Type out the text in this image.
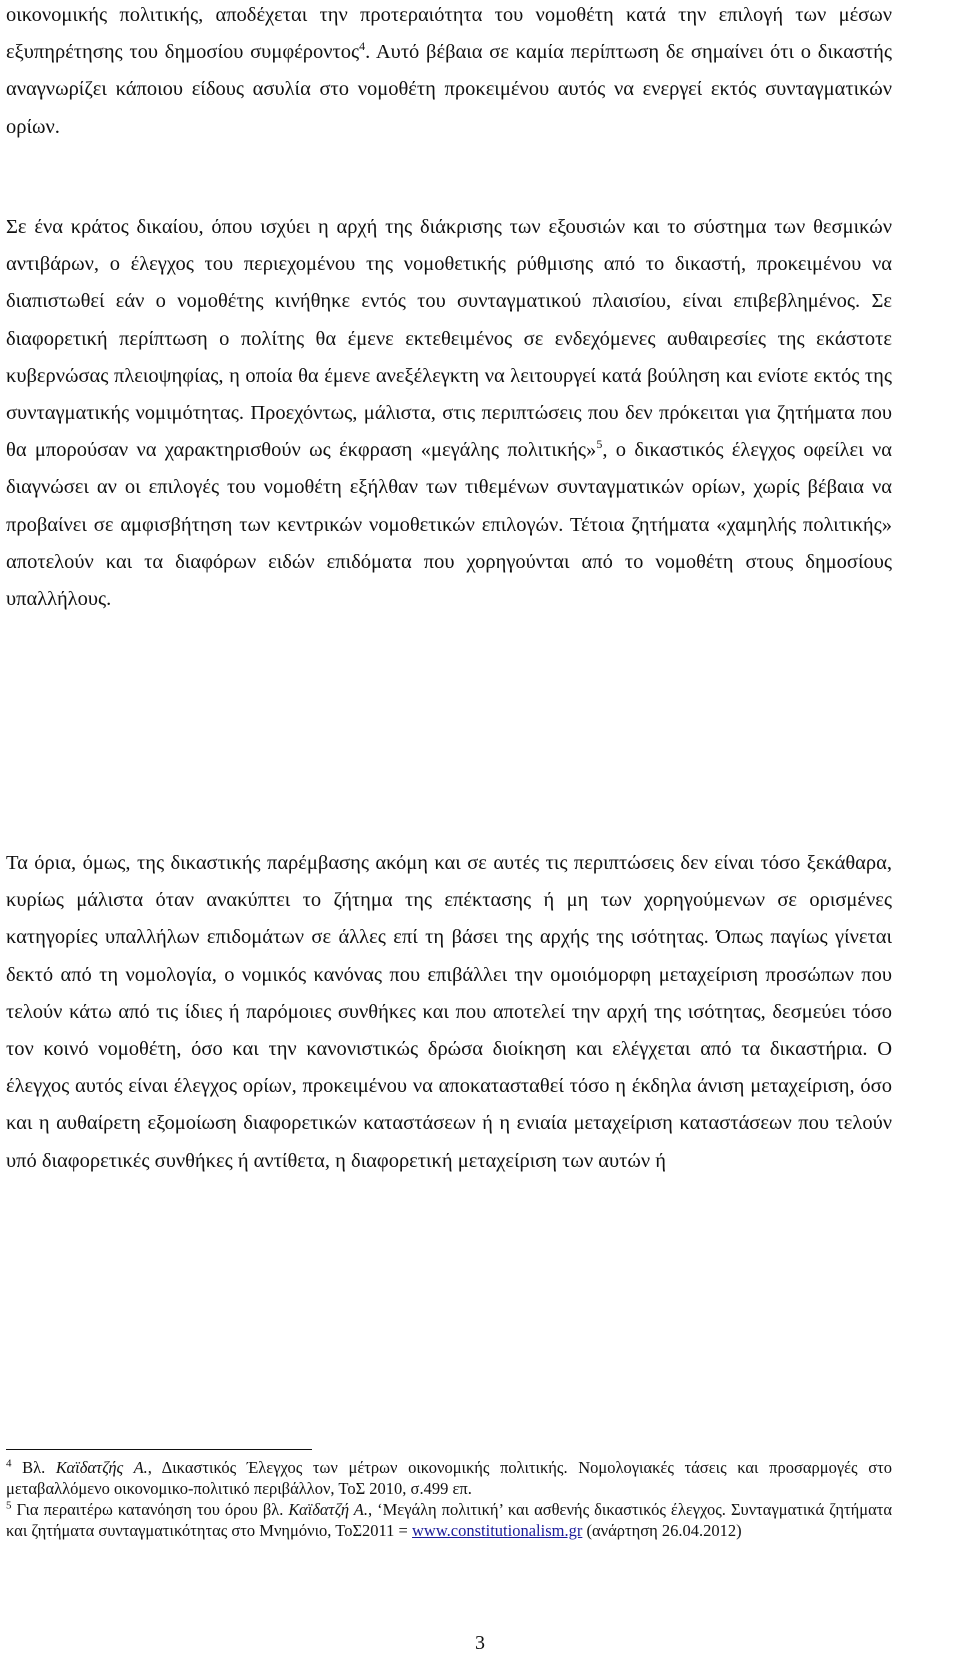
οικονομικής πολιτικής, αποδέχεται την προτεραιότητα του νομοθέτη κατά την επιλογή των μέσων εξυπηρέτησης του δημοσίου συμφέροντος$^4$. Αυτό βέβαια σε καμία περίπτωση δε σημαίνει ότι ο δικαστής αναγνωρίζει κάποιου είδους ασυλία στο νομοθέτη προκειμένου αυτός να ενεργεί εκτός συνταγματικών ορίων.

Σε ένα κράτος δικαίου, όπου ισχύει η αρχή της διάκρισης των εξουσιών και το σύστημα των θεσμικών αντιβάρων, ο έλεγχος του περιεχομένου της νομοθετικής ρύθμισης από το δικαστή, προκειμένου να διαπιστωθεί εάν ο νομοθέτης κινήθηκε εντός του συνταγματικού πλαισίου, είναι επιβεβλημένος. Σε διαφορετική περίπτωση ο πολίτης θα έμενε εκτεθειμένος σε ενδεχόμενες αυθαιρεσίες της εκάστοτε κυβερνώσας πλειοψηφίας, η οποία θα έμενε ανεξέλεγκτη να λειτουργεί κατά βούληση και ενίοτε εκτός της συνταγματικής νομιμότητας. Προεχόντως, μάλιστα, στις περιπτώσεις που δεν πρόκειται για ζητήματα που θα μπορούσαν να χαρακτηρισθούν ως έκφραση «μεγάλης πολιτικής»$^5$, ο δικαστικός έλεγχος οφείλει να διαγνώσει αν οι επιλογές του νομοθέτη εξήλθαν των τιθεμένων συνταγματικών ορίων, χωρίς βέβαια να προβαίνει σε αμφισβήτηση των κεντρικών νομοθετικών επιλογών. Τέτοια ζητήματα «χαμηλής πολιτικής» αποτελούν και τα διαφόρων ειδών επιδόματα που χορηγούνται από το νομοθέτη στους δημοσίους υπαλλήλους.

Τα όρια, όμως, της δικαστικής παρέμβασης ακόμη και σε αυτές τις περιπτώσεις δεν είναι τόσο ξεκάθαρα, κυρίως μάλιστα όταν ανακύπτει το ζήτημα της επέκτασης ή μη των χορηγούμενων σε ορισμένες κατηγορίες υπαλλήλων επιδομάτων σε άλλες επί τη βάσει της αρχής της ισότητας. Όπως παγίως γίνεται δεκτό από τη νομολογία, ο νομικός κανόνας που επιβάλλει την ομοιόμορφη μεταχείριση προσώπων που τελούν κάτω από τις ίδιες ή παρόμοιες συνθήκες και που αποτελεί την αρχή της ισότητας, δεσμεύει τόσο τον κοινό νομοθέτη, όσο και την κανονιστικώς δρώσα διοίκηση και ελέγχεται από τα δικαστήρια. Ο έλεγχος αυτός είναι έλεγχος ορίων, προκειμένου να αποκατασταθεί τόσο η έκδηλα άνιση μεταχείριση, όσο και η αυθαίρετη εξομοίωση διαφορετικών καταστάσεων ή η ενιαία μεταχείριση καταστάσεων που τελούν υπό διαφορετικές συνθήκες ή αντίθετα, η διαφορετική μεταχείριση των αυτών ή

$^4$ Βλ. Καϊδατζής Α., Δικαστικός Έλεγχος των μέτρων οικονομικής πολιτικής. Νομολογιακές τάσεις και προσαρμογές στο μεταβαλλόμενο οικονομικο-πολιτικό περιβάλλον, ΤοΣ 2010, σ.499 επ.

$^5$ Για περαιτέρω κατανόηση του όρου βλ. Καϊδατζή Α., ‘Μεγάλη πολιτική’ και ασθενής δικαστικός έλεγχος. Συνταγματικά ζητήματα και ζητήματα συνταγματικότητας στο Μνημόνιο, ΤοΣ2011 = www.constitutionalism.gr (ανάρτηση 26.04.2012)

3
